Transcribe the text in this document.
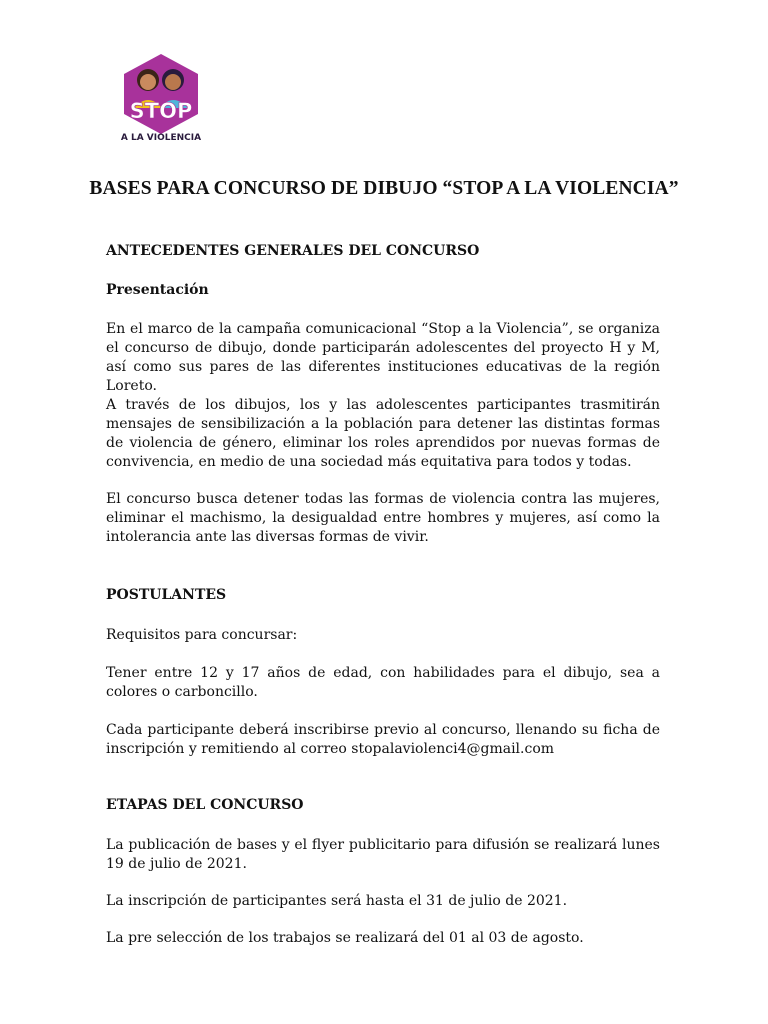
STOP
A LA VIOLENCIA
BASES PARA CONCURSO DE DIBUJO “STOP A LA VIOLENCIA”
ANTECEDENTES GENERALES DEL CONCURSO
Presentación
En el marco de la campaña comunicacional “Stop a la Violencia”, se organiza el concurso de dibujo, donde participarán adolescentes del proyecto H y M, así como sus pares de las diferentes instituciones educativas de la región Loreto.
A través de los dibujos, los y las adolescentes participantes trasmitirán mensajes de sensibilización a la población para detener las distintas formas de violencia de género, eliminar los roles aprendidos por nuevas formas de convivencia, en medio de una sociedad más equitativa para todos y todas.
El concurso busca detener todas las formas de violencia contra las mujeres, eliminar el machismo, la desigualdad entre hombres y mujeres, así como la intolerancia ante las diversas formas de vivir.
POSTULANTES
Requisitos para concursar:
Tener entre 12 y 17 años de edad, con habilidades para el dibujo, sea a colores o carboncillo.
Cada participante deberá inscribirse previo al concurso, llenando su ficha de inscripción y remitiendo al correo stopalaviolenci4@gmail.com
ETAPAS DEL CONCURSO
La publicación de bases y el flyer publicitario para difusión se realizará lunes 19 de julio de 2021.
La inscripción de participantes será hasta el 31 de julio de 2021.
La pre selección de los trabajos se realizará del 01 al 03 de agosto.
